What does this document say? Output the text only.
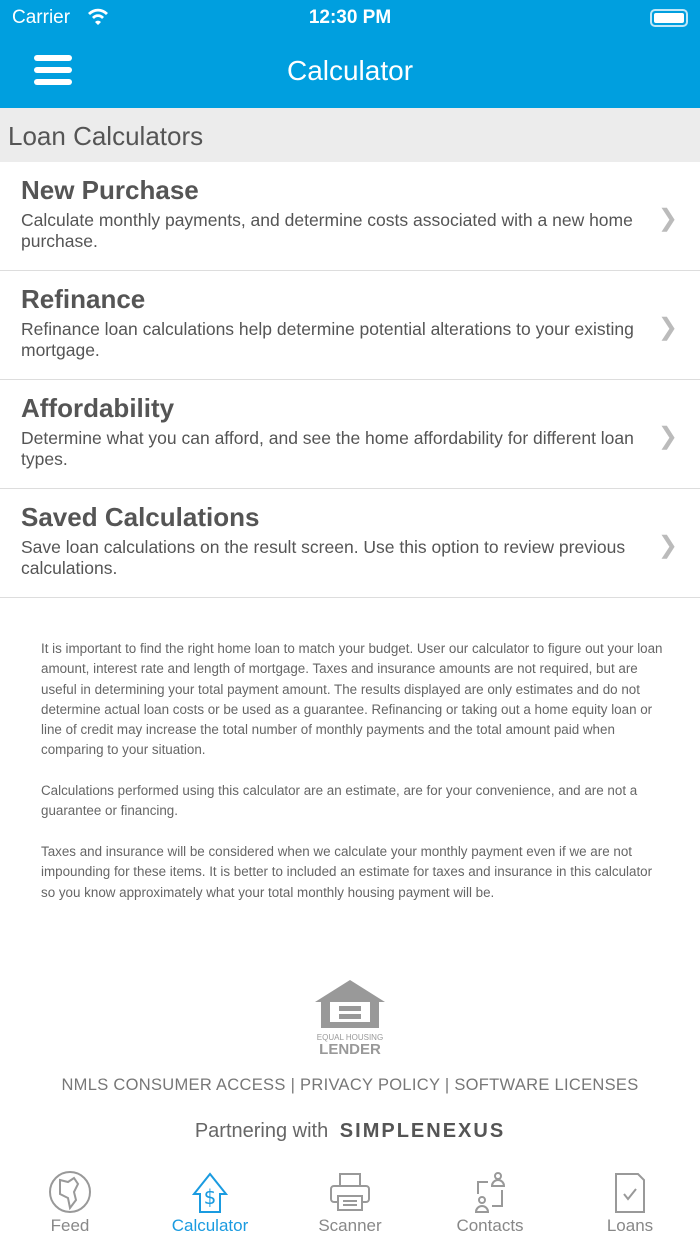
Carrier	12:30 PM
Calculator
Loan Calculators
New Purchase

Calculate monthly payments, and determine costs associated with a new home purchase.

❯
Refinance

Refinance loan calculations help determine potential alterations to your existing mortgage.

❯
Affordability

Determine what you can afford, and see the home affordability for different loan types.

❯
Saved Calculations

Save loan calculations on the result screen. Use this option to review previous calculations.

❯

It is important to find the right home loan to match your budget. User our calculator to figure out your loan amount, interest rate and length of mortgage. Taxes and insurance amounts are not required, but are useful in determining your total payment amount. The results displayed are only estimates and do not determine actual loan costs or be used as a guarantee. Refinancing or taking out a home equity loan or line of credit may increase the total number of monthly payments and the total amount paid when comparing to your situation.

Calculations performed using this calculator are an estimate, are for your convenience, and are not a guarantee or financing.

Taxes and insurance will be considered when we calculate your monthly payment even if we are not impounding for these items. It is better to included an estimate for taxes and insurance in this calculator so you know approximately what your total monthly housing payment will be.

EQUAL HOUSING
LENDER
NMLS CONSUMER ACCESS | PRIVACY POLICY | SOFTWARE LICENSES
Partnering with SIMPLENEXUS
Feed
$
Calculator	Scanner	Contacts	Loans
